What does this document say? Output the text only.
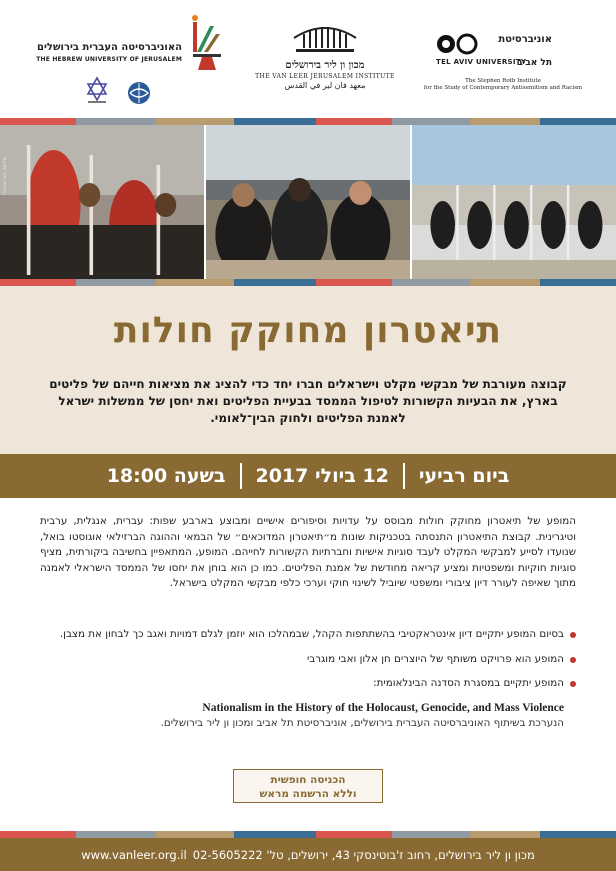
האוניברסיטה העברית בירושלים
THE HEBREW UNIVERSITY OF JERUSALEM
מכון ון ליר בירושלים
THE VAN LEER JERUSALEM INSTITUTE
معهد فان لير في القدس
אוניברסיטת
TEL AVIV UNIVERSITY
תל אביב
The Stephen Roth Institute
for the Study of Contemporary Antisemitism and Racism
צילום: אבי מוגרבי
תיאטרון מחוקק חולות
קבוצה מעורבת של מבקשי מקלט וישראלים חברו יחד כדי להציג את מציאות חייהם של פליטים בארץ, את הבעיות הקשורות לטיפול הממסד בבעיית הפליטים ואת יחסן של ממשלות ישראל לאמנת הפליטים ולחוק הבין־לאומי.
ביום רביעי
12 ביולי 2017
בשעה 18:00
המופע של תיאטרון מחוקק חולות מבוסס על עדויות וסיפורים אישיים ומבוצע בארבע שפות: עברית, אנגלית, ערבית וטיגרינית. קבוצת התיאטרון התנסתה בטכניקות שונות מ״תיאטרון המדוכאים״ של הבמאי וההוגה הברזילאי אוגוסטו בואל, שנועדו לסייע למבקשי המקלט לעבד סוגיות אישיות וחברתיות הקשורות לחייהם. המופע, המתאפיין בחשיבה ביקורתית, מציף סוגיות חוקיות ומשפטיות ומציע קריאה מחודשת של אמנת הפליטים. כמו כן הוא בוחן את יחסו של הממסד הישראלי לאמנה מתוך שאיפה לעורר דיון ציבורי ומשפטי שיוביל לשינוי חוקי וערכי כלפי מבקשי המקלט בישראל.
בסיום המופע יתקיים דיון אינטראקטיבי בהשתתפות הקהל, שבמהלכו הוא יוזמן לגלם דמויות ואגב כך לבחון את מצבן.
המופע הוא פרויקט משותף של היוצרים חן אלון ואבי מוגרבי
המופע יתקיים במסגרת הסדנה הבינלאומית:
Nationalism in the History of the Holocaust, Genocide, and Mass Violence
הנערכת בשיתוף האוניברסיטה העברית בירושלים, אוניברסיטת תל אביב ומכון ון ליר בירושלים.
הכניסה חופשית
וללא הרשמה מראש
מכון ון ליר בירושלים, רחוב ז'בוטינסקי 43, ירושלים, טל' 02-5605222
www.vanleer.org.il
